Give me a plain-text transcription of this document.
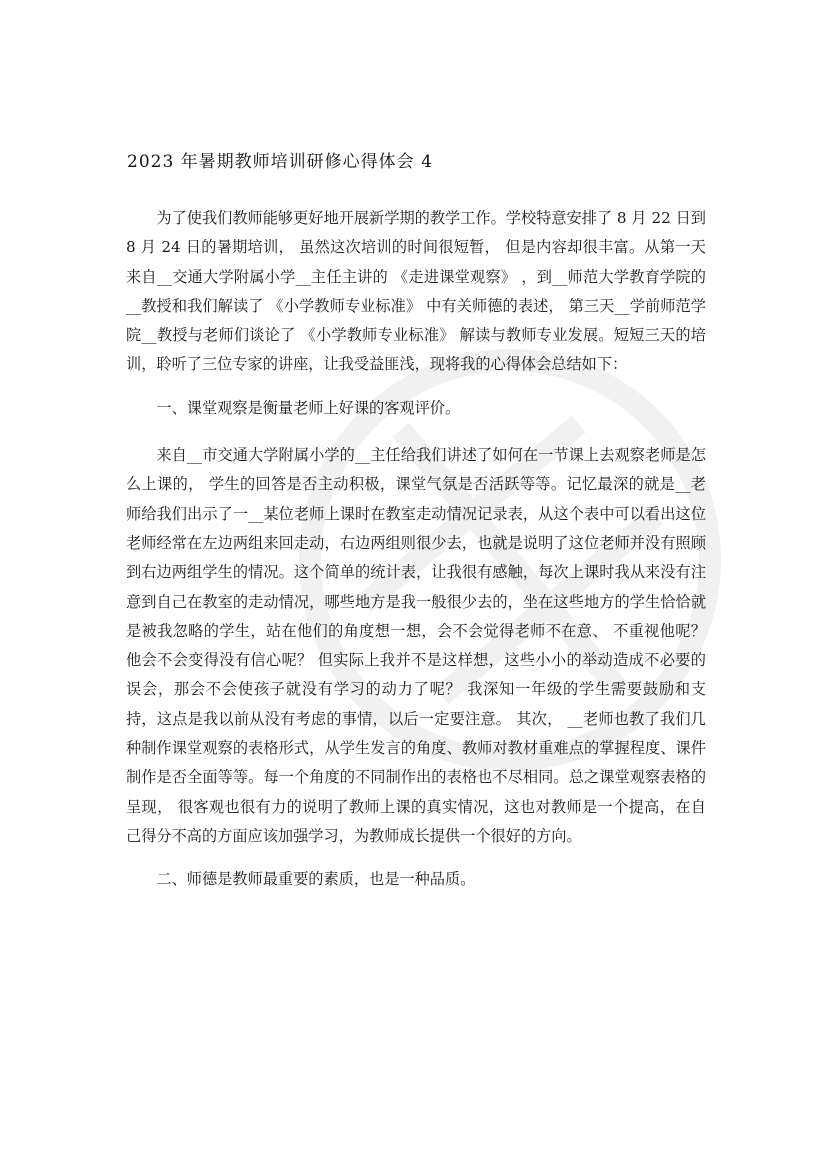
2023 年暑期教师培训研修心得体会 4

为了使我们教师能够更好地开展新学期的教学工作。学校特意安排了 8 月 22 日到 8 月 24 日的暑期培训， 虽然这次培训的时间很短暂， 但是内容却很丰富。从第一天来自__交通大学附属小学__主任主讲的 《走进课堂观察》 ，到__师范大学教育学院的__教授和我们解读了 《小学教师专业标准》 中有关师德的表述， 第三天__学前师范学院__教授与老师们谈论了 《小学教师专业标准》 解读与教师专业发展。短短三天的培训，聆听了三位专家的讲座，让我受益匪浅，现将我的心得体会总结如下：

一、课堂观察是衡量老师上好课的客观评价。

来自__市交通大学附属小学的__主任给我们讲述了如何在一节课上去观察老师是怎么上课的， 学生的回答是否主动积极，课堂气氛是否活跃等等。记忆最深的就是__老师给我们出示了一__某位老师上课时在教室走动情况记录表，从这个表中可以看出这位老师经常在左边两组来回走动，右边两组则很少去，也就是说明了这位老师并没有照顾到右边两组学生的情况。这个简单的统计表，让我很有感触，每次上课时我从来没有注意到自己在教室的走动情况，哪些地方是我一般很少去的，坐在这些地方的学生恰恰就是被我忽略的学生，站在他们的角度想一想，会不会觉得老师不在意、 不重视他呢？他会不会变得没有信心呢？ 但实际上我并不是这样想，这些小小的举动造成不必要的误会，那会不会使孩子就没有学习的动力了呢？ 我深知一年级的学生需要鼓励和支持，这点是我以前从没有考虑的事情，以后一定要注意。 其次， __老师也教了我们几种制作课堂观察的表格形式，从学生发言的角度、教师对教材重难点的掌握程度、课件制作是否全面等等。每一个角度的不同制作出的表格也不尽相同。总之课堂观察表格的呈现， 很客观也很有力的说明了教师上课的真实情况，这也对教师是一个提高，在自己得分不高的方面应该加强学习，为教师成长提供一个很好的方向。

二、师德是教师最重要的素质，也是一种品质。
